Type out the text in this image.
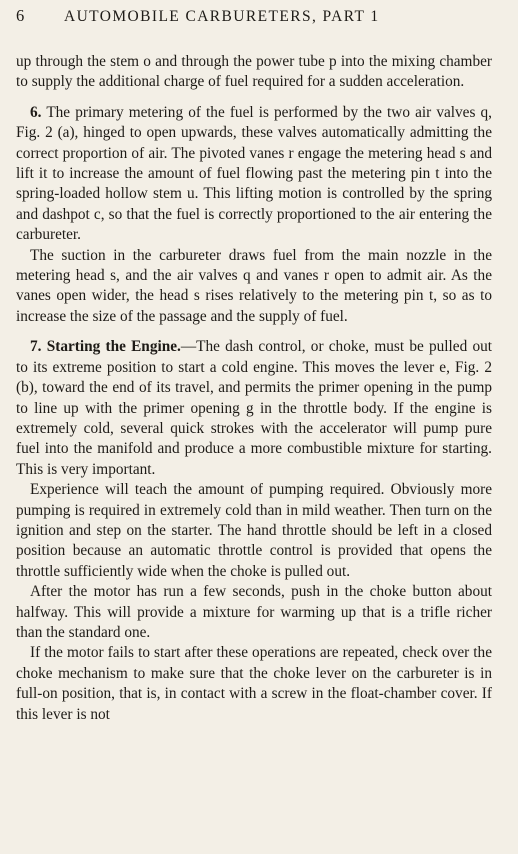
6	AUTOMOBILE CARBURETERS, PART 1

up through the stem o and through the power tube p into the mixing chamber to supply the additional charge of fuel required for a sudden acceleration.

6. The primary metering of the fuel is performed by the two air valves q, Fig. 2 (a), hinged to open upwards, these valves automatically admitting the correct proportion of air. The pivoted vanes r engage the metering head s and lift it to increase the amount of fuel flowing past the metering pin t into the spring-loaded hollow stem u. This lifting motion is controlled by the spring and dashpot c, so that the fuel is correctly proportioned to the air entering the carbureter.

The suction in the carbureter draws fuel from the main nozzle in the metering head s, and the air valves q and vanes r open to admit air. As the vanes open wider, the head s rises relatively to the metering pin t, so as to increase the size of the passage and the supply of fuel.

7. Starting the Engine.—The dash control, or choke, must be pulled out to its extreme position to start a cold engine. This moves the lever e, Fig. 2 (b), toward the end of its travel, and permits the primer opening in the pump to line up with the primer opening g in the throttle body. If the engine is extremely cold, several quick strokes with the accelerator will pump pure fuel into the manifold and produce a more combustible mixture for starting. This is very important.

Experience will teach the amount of pumping required. Obviously more pumping is required in extremely cold than in mild weather. Then turn on the ignition and step on the starter. The hand throttle should be left in a closed position because an automatic throttle control is provided that opens the throttle sufficiently wide when the choke is pulled out.

After the motor has run a few seconds, push in the choke button about halfway. This will provide a mixture for warming up that is a trifle richer than the standard one.

If the motor fails to start after these operations are repeated, check over the choke mechanism to make sure that the choke lever on the carbureter is in full-on position, that is, in contact with a screw in the float-chamber cover. If this lever is not
